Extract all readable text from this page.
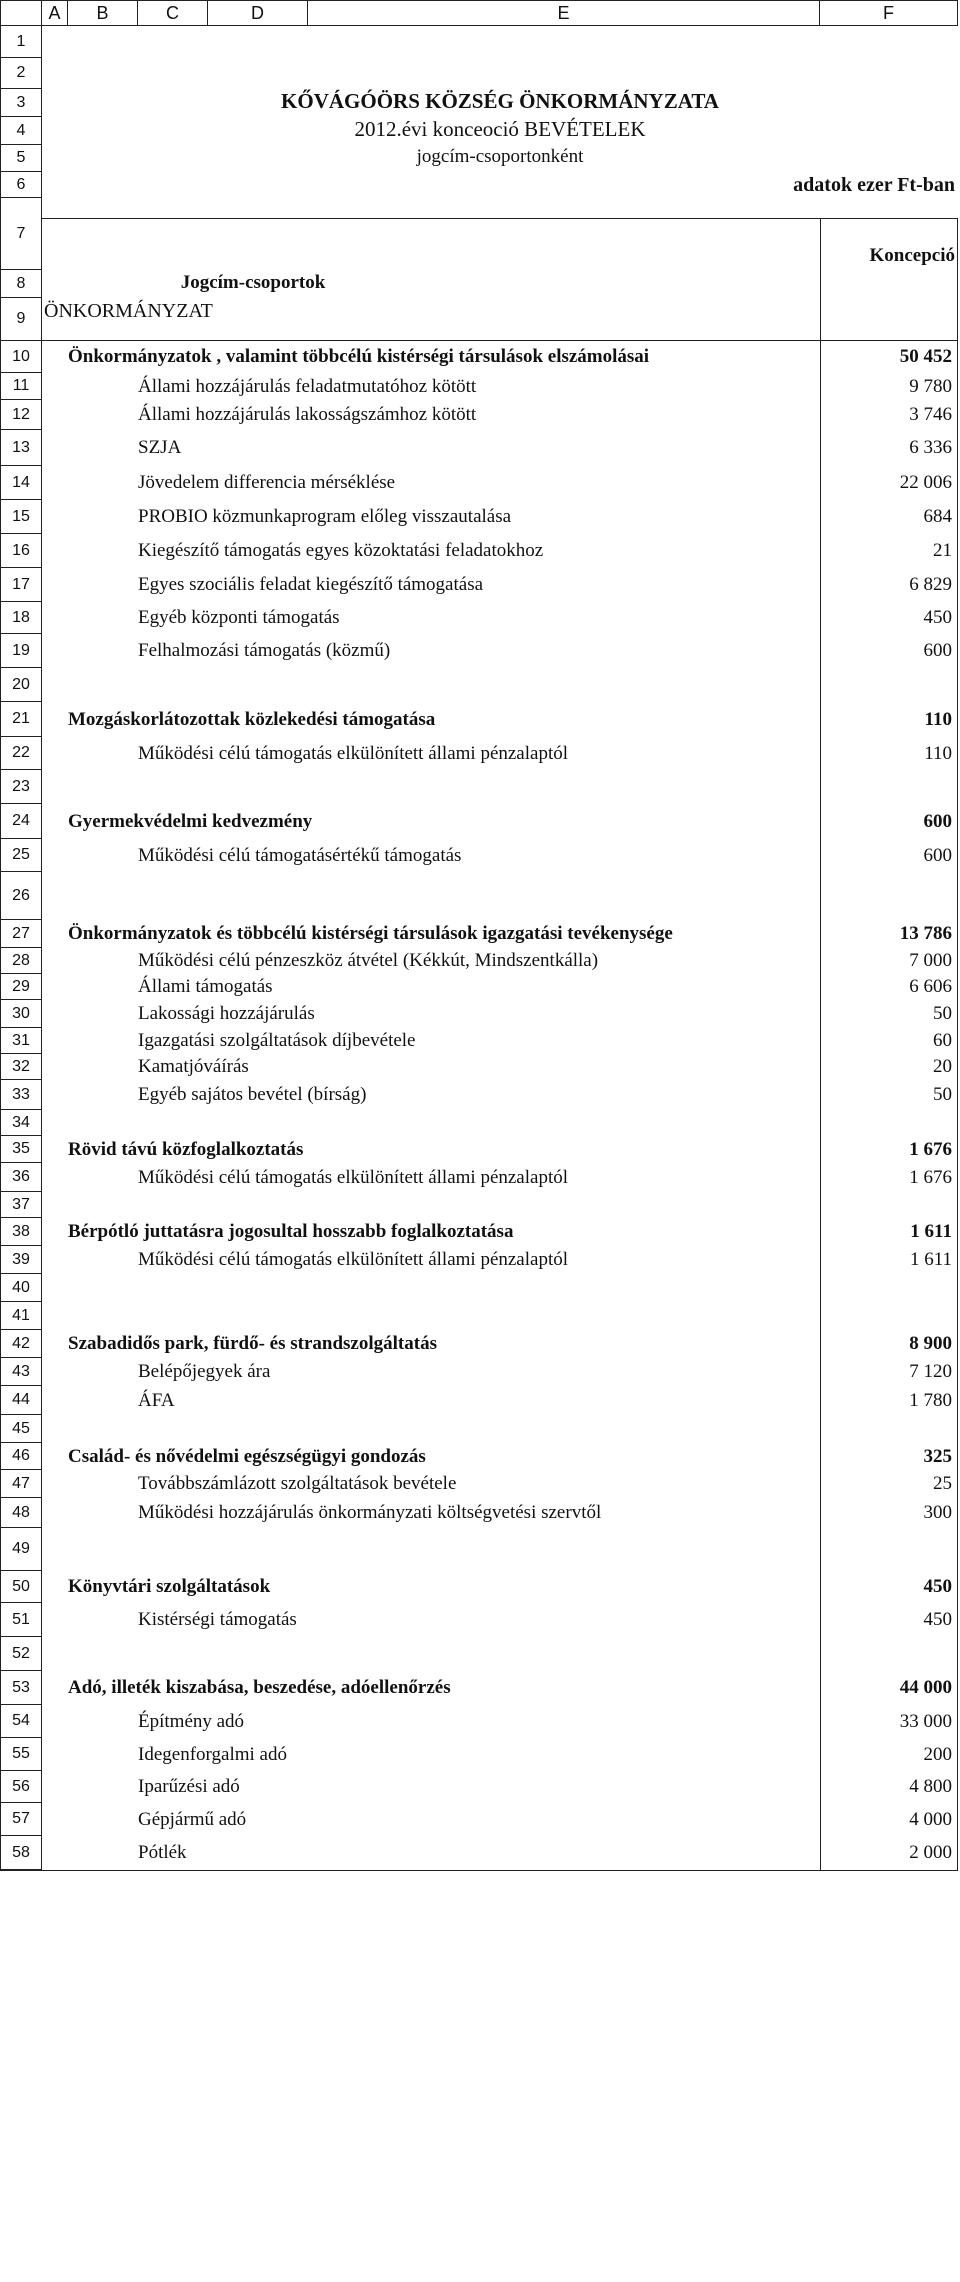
A	B	C	D	E	F
KŐVÁGÓÖRS KÖZSÉG ÖNKORMÁNYZATA
2012.évi konceoció BEVÉTELEK
jogcím-csoportonként
adatok ezer Ft-ban
Jogcím-csoportok
Koncepció
ÖNKORMÁNYZAT
1
2
3
4
5
6
7
8
9
10	Önkormányzatok , valamint többcélú kistérségi társulások elszámolásai	50 452
11	Állami hozzájárulás feladatmutatóhoz kötött	9 780
12	Állami hozzájárulás lakosságszámhoz kötött	3 746
13	SZJA	6 336
14	Jövedelem differencia mérséklése	22 006
15	PROBIO közmunkaprogram előleg visszautalása	684
16	Kiegészítő támogatás egyes közoktatási feladatokhoz	21
17	Egyes szociális feladat kiegészítő támogatása	6 829
18	Egyéb központi támogatás	450
19	Felhalmozási támogatás (közmű)	600
20
21	Mozgáskorlátozottak közlekedési támogatása	110
22	Működési célú támogatás elkülönített állami pénzalaptól	110
23
24	Gyermekvédelmi kedvezmény	600
25	Működési célú támogatásértékű támogatás	600
26
27	Önkormányzatok és többcélú kistérségi társulások igazgatási tevékenysége	13 786
28	Működési célú pénzeszköz átvétel (Kékkút, Mindszentkálla)	7 000
29	Állami támogatás	6 606
30	Lakossági hozzájárulás	50
31	Igazgatási szolgáltatások díjbevétele	60
32	Kamatjóváírás	20
33	Egyéb sajátos bevétel (bírság)	50
34
35	Rövid távú közfoglalkoztatás	1 676
36	Működési célú támogatás elkülönített állami pénzalaptól	1 676
37
38	Bérpótló juttatásra jogosultal hosszabb foglalkoztatása	1 611
39	Működési célú támogatás elkülönített állami pénzalaptól	1 611
40
41
42	Szabadidős park, fürdő- és strandszolgáltatás	8 900
43	Belépőjegyek ára	7 120
44	ÁFA	1 780
45
46	Család- és nővédelmi egészségügyi gondozás	325
47	Továbbszámlázott szolgáltatások bevétele	25
48	Működési hozzájárulás önkormányzati költségvetési szervtől	300
49
50	Könyvtári szolgáltatások	450
51	Kistérségi támogatás	450
52
53	Adó, illeték kiszabása, beszedése, adóellenőrzés	44 000
54	Építmény adó	33 000
55	Idegenforgalmi adó	200
56	Iparűzési adó	4 800
57	Gépjármű adó	4 000
58	Pótlék	2 000
